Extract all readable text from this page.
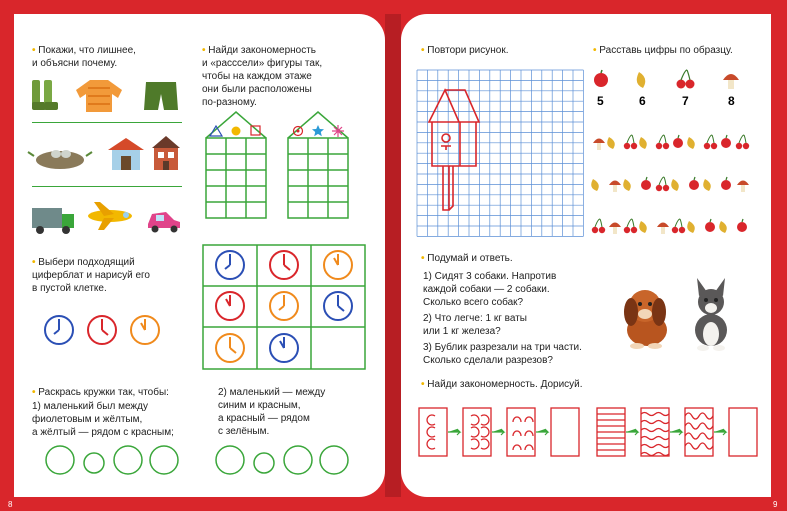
• Покажи, что лишнее,
и объясни почему.
• Найди закономерность
и «расссели» фигуры так,
чтобы на каждом этаже
они были расположены
по-разному.
• Выбери подходящий
циферблат и нарисуй его
в пустой клетке.
• Раскрась кружки так, чтобы:
1) маленький был между
фиолетовым и жёлтым,
а жёлтый — рядом с красным;
2) маленький — между
синим и красным,
а красный — рядом
с зелёным.
8
• Повтори рисунок.	• Расставь цифры по образцу.
5	6	7	8
• Подумай и ответь.
1) Сидят 3 собаки. Напротив
каждой собаки — 2 собаки.
Сколько всего собак?
2) Что легче: 1 кг ваты
или 1 кг железа?
3) Бублик разрезали на три части.
Сколько сделали разрезов?
• Найди закономерность. Дорисуй.
9
